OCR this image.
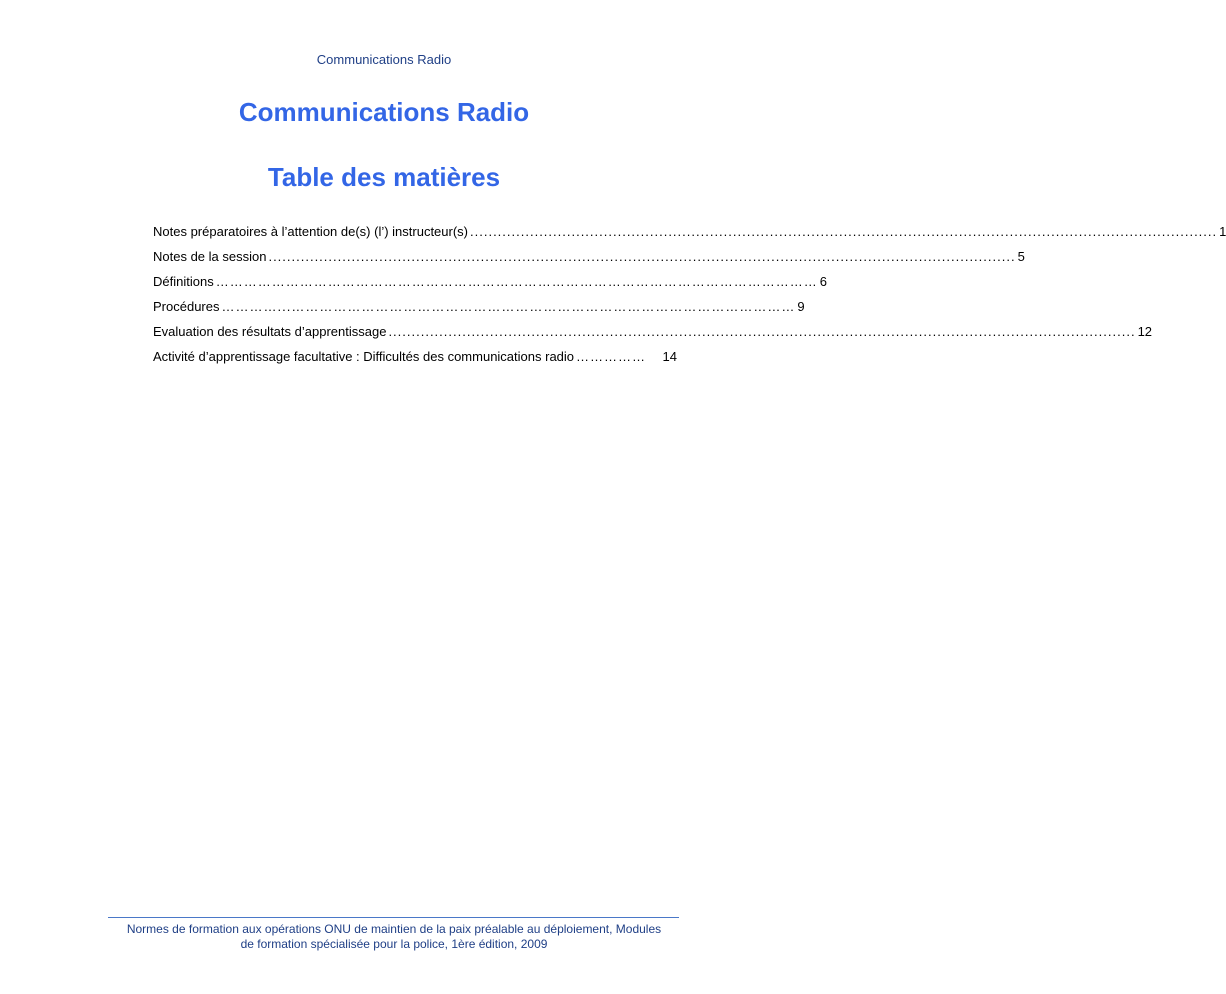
Communications Radio
Communications Radio
Table des matières
Notes préparatoires à l’attention de(s) (l’) instructeur(s) .................................................................................................................................................................. 1
Notes de la session .................................................................................................................................................................. 5
Définitions ………………………………………………………………………………………………………………… 6
Procédures …………...……………………………………………………………………………………………… 9
Evaluation des résultats d’apprentissage .................................................................................................................................................................. 12
Activité d’apprentissage facultative : Difficultés des communications radio ……………	14
Normes de formation aux opérations ONU de maintien de la paix préalable au déploiement, Modules
de formation spécialisée pour la police, 1ère édition, 2009
